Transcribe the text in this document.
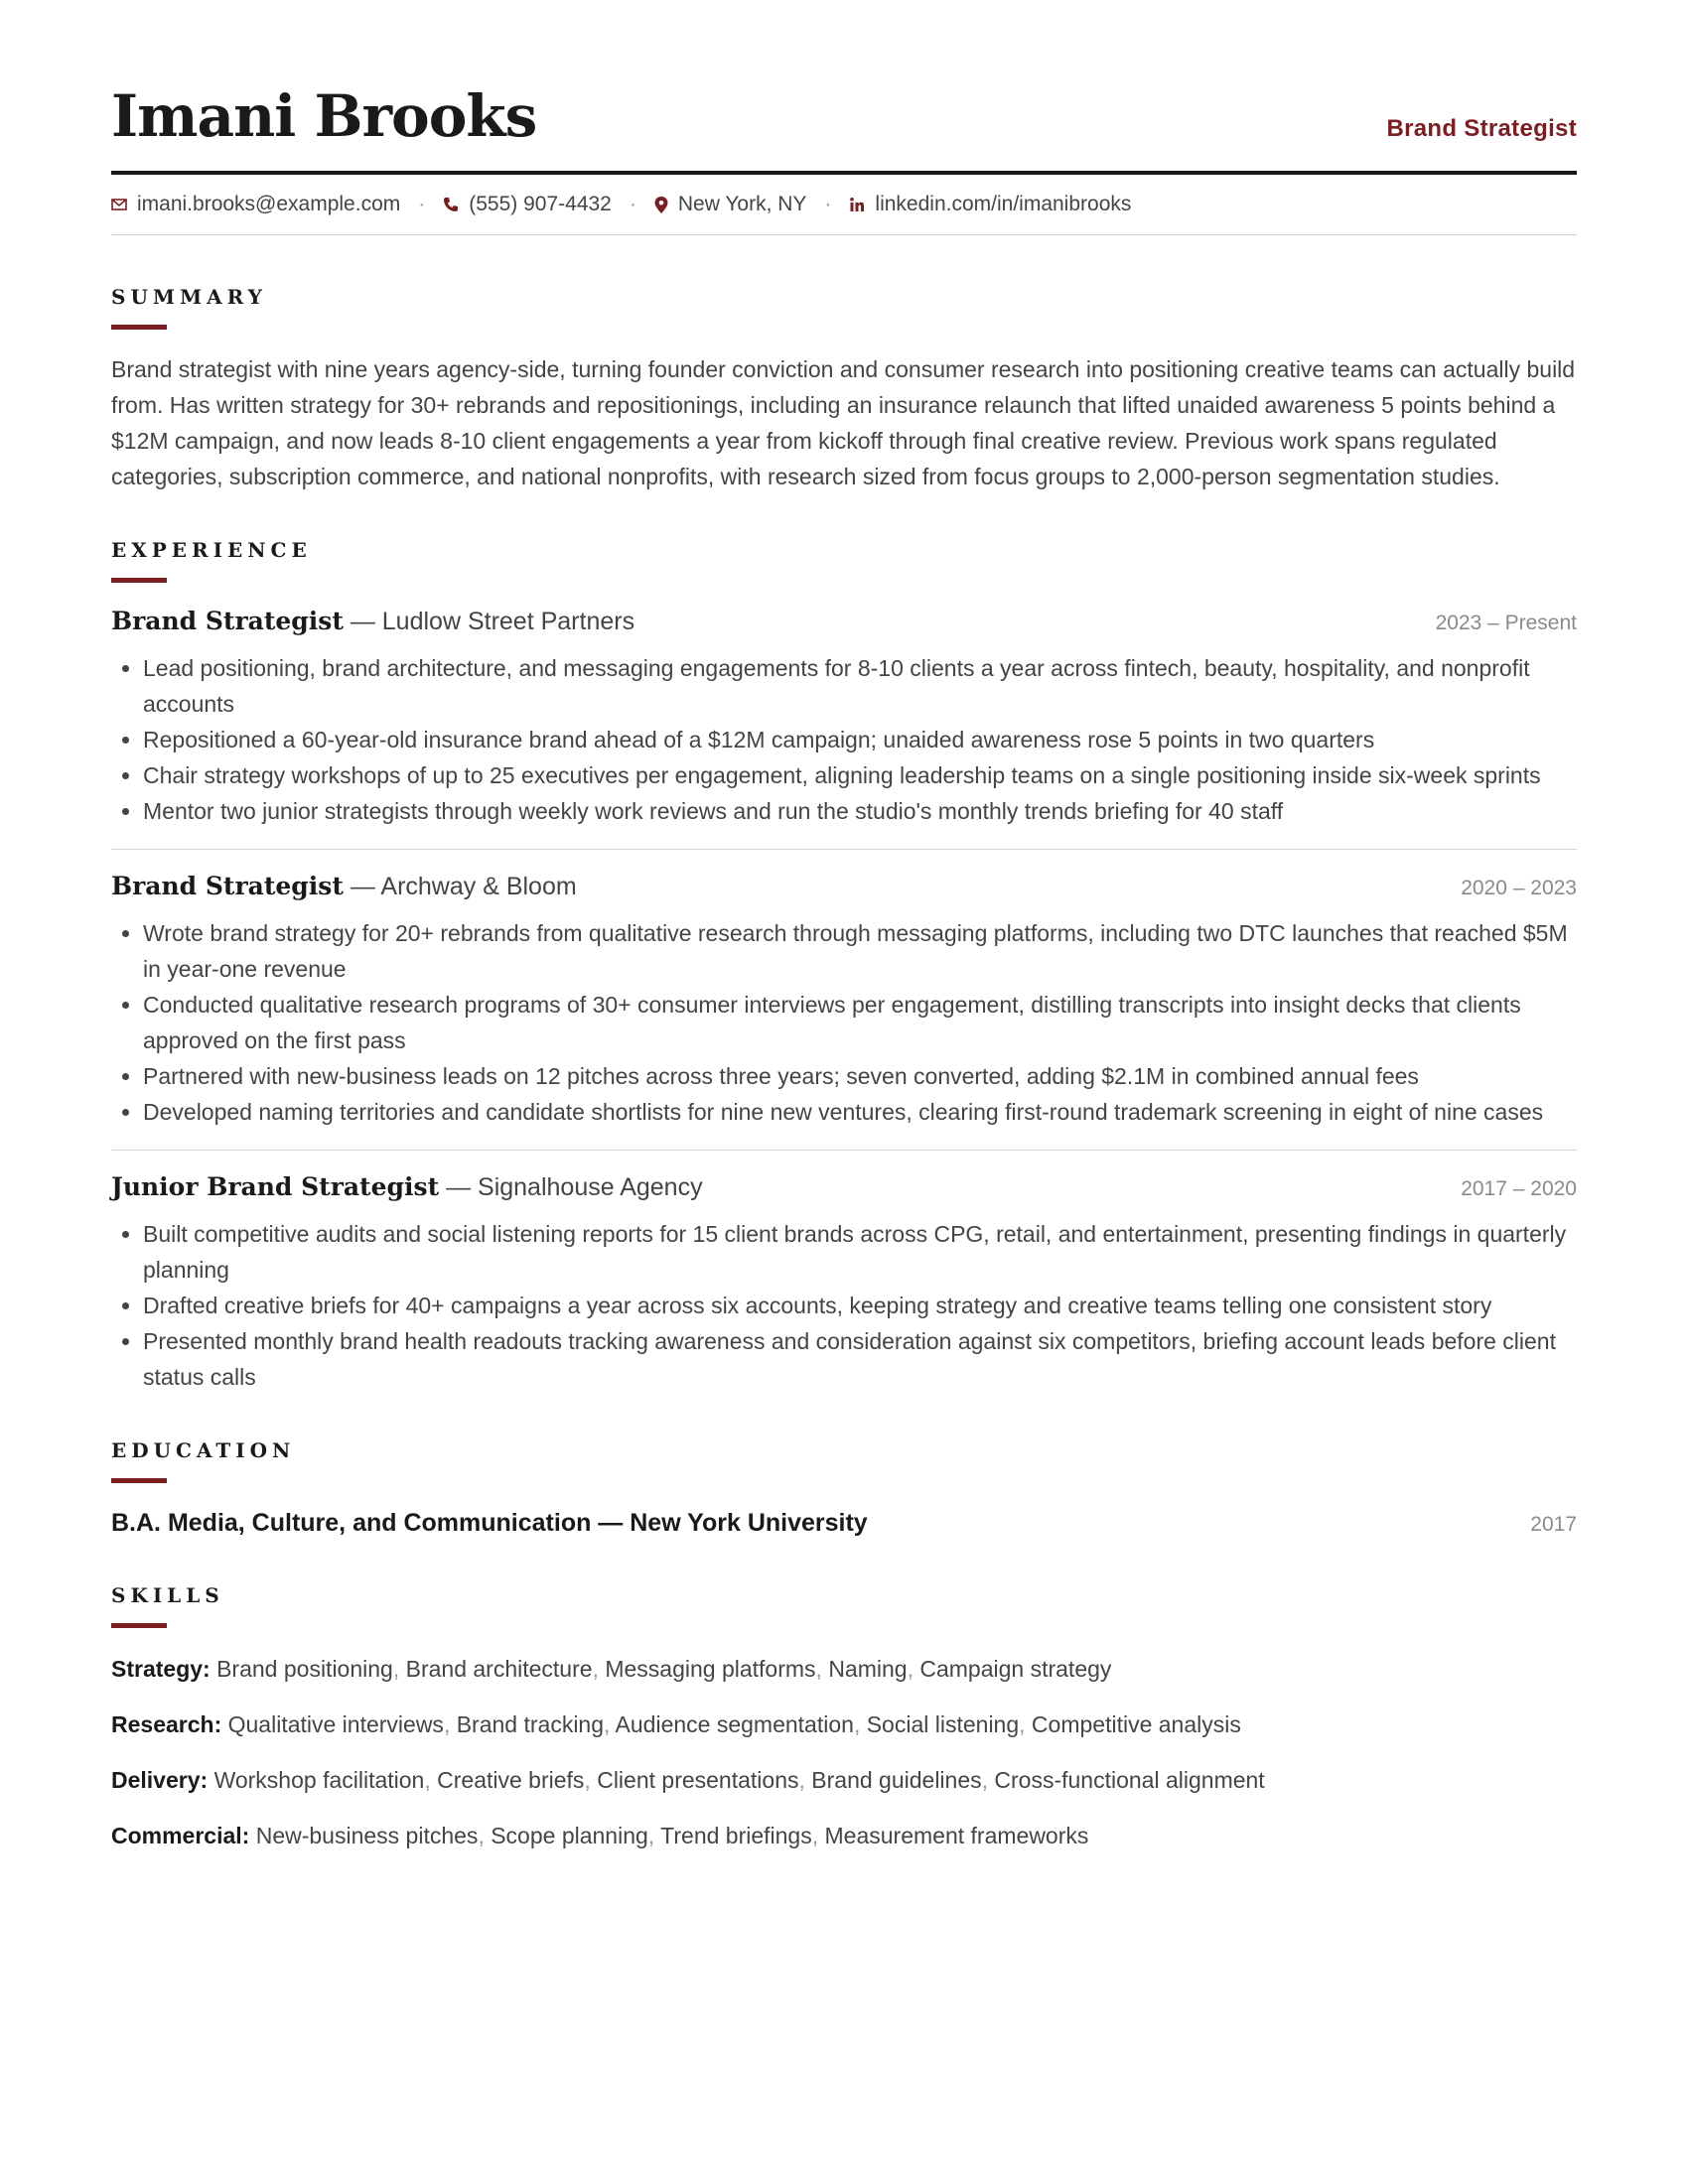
Imani Brooks	Brand Strategist
imani.brooks@example.com · (555) 907-4432 · New York, NY · linkedin.com/in/imanibrooks
SUMMARY

Brand strategist with nine years agency-side, turning founder conviction and consumer research into positioning creative teams can actually build from. Has written strategy for 30+ rebrands and repositionings, including an insurance relaunch that lifted unaided awareness 5 points behind a $12M campaign, and now leads 8-10 client engagements a year from kickoff through final creative review. Previous work spans regulated categories, subscription commerce, and national nonprofits, with research sized from focus groups to 2,000-person segmentation studies.

EXPERIENCE
Brand Strategist — Ludlow Street Partners	2023 – Present
• Lead positioning, brand architecture, and messaging engagements for 8-10 clients a year across fintech, beauty, hospitality, and nonprofit accounts
• Repositioned a 60-year-old insurance brand ahead of a $12M campaign; unaided awareness rose 5 points in two quarters
• Chair strategy workshops of up to 25 executives per engagement, aligning leadership teams on a single positioning inside six-week sprints
• Mentor two junior strategists through weekly work reviews and run the studio's monthly trends briefing for 40 staff
Brand Strategist — Archway & Bloom	2020 – 2023
• Wrote brand strategy for 20+ rebrands from qualitative research through messaging platforms, including two DTC launches that reached $5M in year-one revenue
• Conducted qualitative research programs of 30+ consumer interviews per engagement, distilling transcripts into insight decks that clients approved on the first pass
• Partnered with new-business leads on 12 pitches across three years; seven converted, adding $2.1M in combined annual fees
• Developed naming territories and candidate shortlists for nine new ventures, clearing first-round trademark screening in eight of nine cases
Junior Brand Strategist — Signalhouse Agency	2017 – 2020
• Built competitive audits and social listening reports for 15 client brands across CPG, retail, and entertainment, presenting findings in quarterly planning
• Drafted creative briefs for 40+ campaigns a year across six accounts, keeping strategy and creative teams telling one consistent story
• Presented monthly brand health readouts tracking awareness and consideration against six competitors, briefing account leads before client status calls
EDUCATION
B.A. Media, Culture, and Communication — New York University	2017
SKILLS
Strategy: Brand positioning, Brand architecture, Messaging platforms, Naming, Campaign strategy
Research: Qualitative interviews, Brand tracking, Audience segmentation, Social listening, Competitive analysis
Delivery: Workshop facilitation, Creative briefs, Client presentations, Brand guidelines, Cross-functional alignment
Commercial: New-business pitches, Scope planning, Trend briefings, Measurement frameworks
